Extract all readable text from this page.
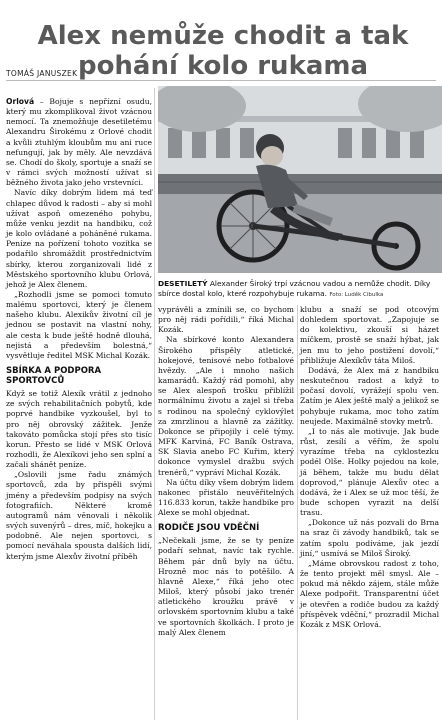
Alex nemůže chodit a tak pohání kolo rukama
TOMÁŠ JANUSZEK
DESETILETÝ Alexander Široký trpí vzácnou vadou a nemůže chodit. Díky sbírce dostal kolo, které rozpohybuje rukama. Foto: Luděk Cibulka

Orlová – Bojuje s nepřízní osudu, který mu zkomplikoval život vzácnou nemocí. Ta znemožňuje desetiletému Alexandru Širokému z Orlové chodit a kvůli ztuhlým kloubům mu ani ruce nefungují, jak by měly. Ale nevzdává se. Chodí do školy, sportuje a snaží se v rámci svých možností užívat si běžného života jako jeho vrstevníci.

Navíc díky dobrým lidem má teď chlapec důvod k radosti – aby si mohl užívat aspoň omezeného pohybu, může venku jezdit na handbiku, což je kolo ovládané a poháněné rukama. Peníze na pořízení tohoto vozítka se podařilo shromáždit prostřednictvím sbírky, kterou zorganizovali lidé z Městského sportovního klubu Orlová, jehož je Alex členem.

„Rozhodli jsme se pomoci tomuto malému sportovci, který je členem našeho klubu. Alexikův životní cíl je jednou se postavit na vlastní nohy, ale cesta k bude ještě hodně dlouhá, nejistá a především bolestná,“ vysvětluje ředitel MSK Michal Kozák.

SBÍRKA A PODPORA SPORTOVCŮ

Když se totiž Alexík vrátil z jednoho ze svých rehabilitačních pobytů, kde poprvé handbike vyzkoušel, byl to pro něj obrovský zážitek. Jenže takováto pomůcka stojí přes sto tisíc korun. Přesto se lidé v MSK Orlová rozhodli, že Alexíkovi jeho sen splní a začali shánět peníze.

„Oslovili jsme řadu známých sportovců, zda by přispěli svými jmény a především podpisy na svých fotografiích. Některé kromě autogramů nám věnovali i několik svých suvenýrů – dres, míč, hokejku a podobně. Ale nejen sportovci, s pomocí neváhala spousta dalších lidí, kterým jsme Alexův životní příběh

vyprávěli a zmínili se, co bychom pro něj rádi pořídili,“ říká Michal Kozák.

Na sbírkové konto Alexandera Širokého přispěly atletické, hokejové, tenisové nebo fotbalové hvězdy. „Ale i mnoho našich kamarádů. Každý rád pomohl, aby se Alex alespoň trošku přiblížil normálnímu životu a zajel si třeba s rodinou na společný cyklovýlet za zmrzlinou a hlavně za zážitky. Dokonce se připojily i celé týmy. MFK Karviná, FC Baník Ostrava, SK Slavia anebo FC Kuřim, který dokonce vymyslel dražbu svých trenérů,“ vypráví Michal Kozák.

Na účtu díky všem dobrým lidem nakonec přistálo neuvěřitelných 116.833 korun, takže handbike pro Alexe se mohl objednat.

RODIČE JSOU VDĚČNÍ

„Nečekali jsme, že se ty peníze podaří sehnat, navíc tak rychle. Během pár dnů byly na účtu. Hrozně moc nás to potěšilo. A hlavně Alexe,“ říká jeho otec Miloš, který působí jako trenér atletického kroužku právě v orlovském sportovním klubu a také ve sportovních školkách. I proto je malý Alex členem

klubu a snaží se pod otcovým dohledem sportovat. „Zapojuje se do kolektivu, zkouší si házet míčkem, prostě se snaží hýbat, jak jen mu to jeho postižení dovolí,“ přibližuje Alexíkův táta Miloš.

Dodává, že Alex má z handbiku neskutečnou radost a když to počasí dovolí, vyrážejí spolu ven. Zatím je Alex ještě malý a jelikož se pohybuje rukama, moc toho zatím neujede. Maximálně stovky metrů.

„I to nás ale motivuje. Jak bude růst, zesílí a věřím, že spolu vyrazíme třeba na cyklostezku podél Olše. Holky pojedou na kole, já během, takže mu budu dělat doprovod,“ plánuje Alexův otec a dodává, že i Alex se už moc těší, že bude schopen vyrazit na delší trasu.

„Dokonce už nás pozvali do Brna na sraz či závody handbiků, tak se zatím spolu podíváme, jak jezdí jiní,“ usmívá se Miloš Široký.

„Máme obrovskou radost z toho, že tento projekt měl smysl. Ale – pokud má někdo zájem, stále může Alexe podpořit. Transparentní účet je otevřen a rodiče budou za každý příspěvek vděční,“ prozradil Michal Kozák z MSK Orlová.
